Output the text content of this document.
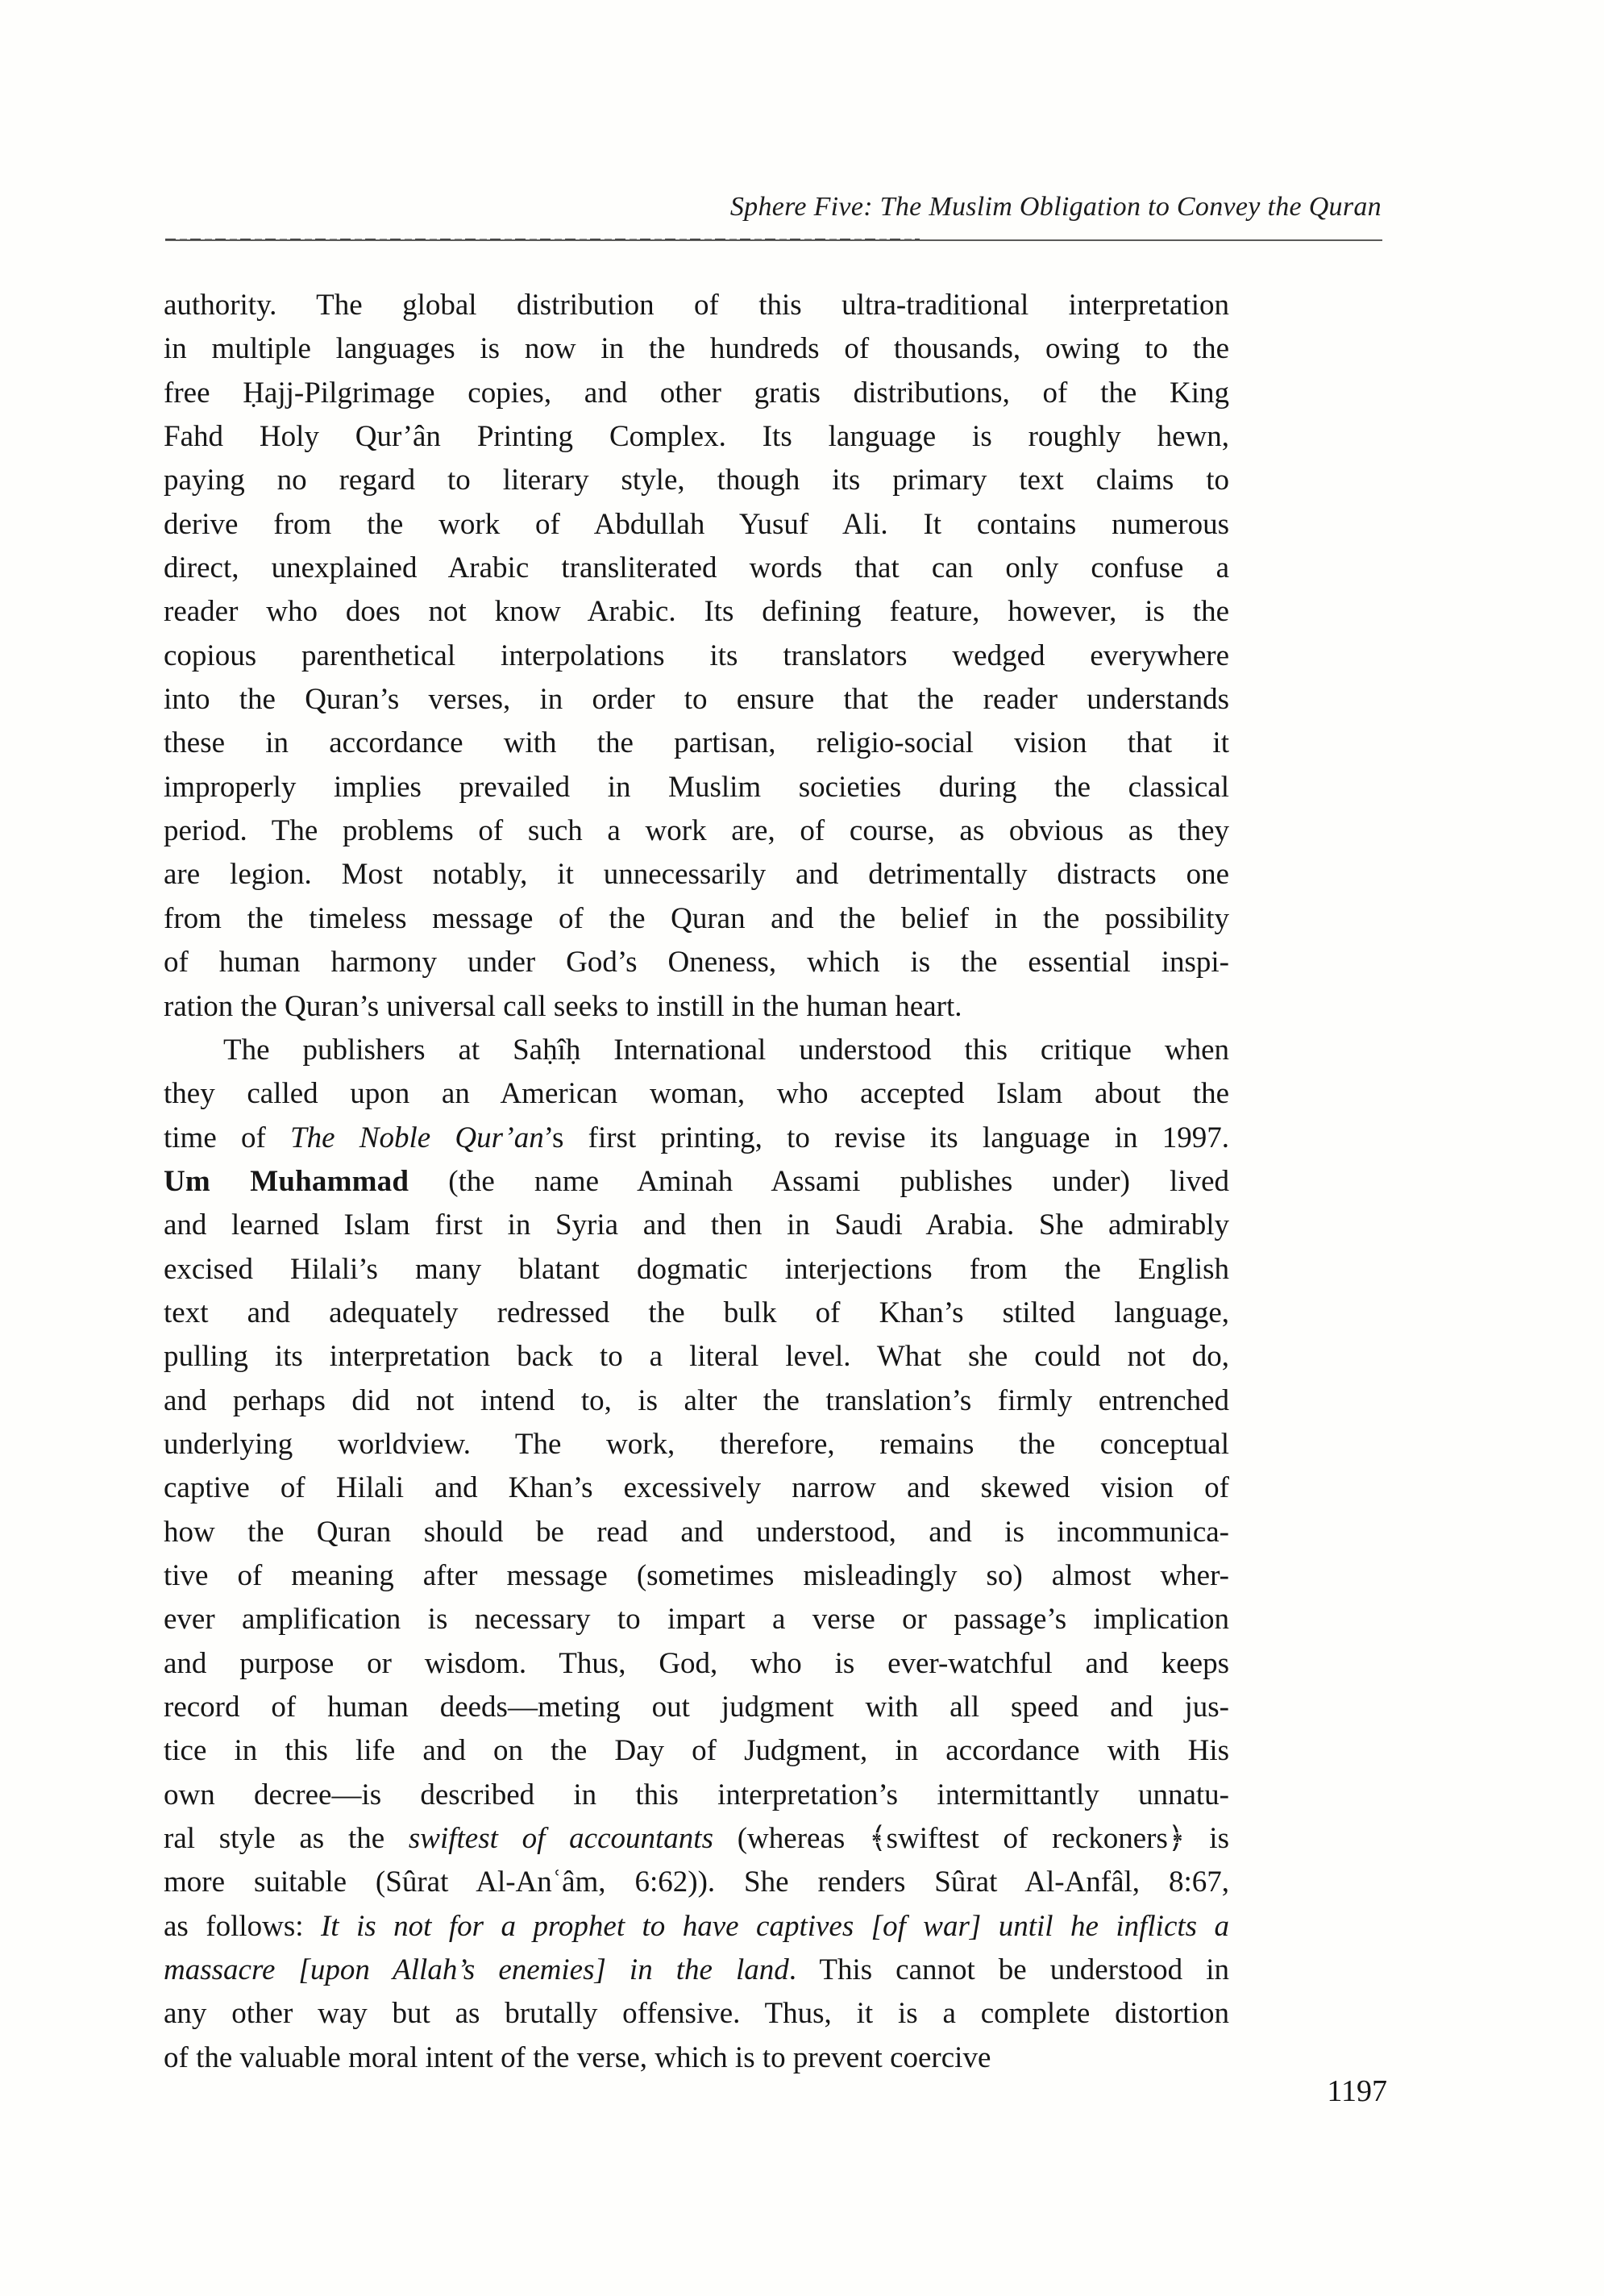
Sphere Five: The Muslim Obligation to Convey the Quran
authority. The global distribution of this ultra-traditional interpretation
in multiple languages is now in the hundreds of thousands, owing to the
free Ḥajj-Pilgrimage copies, and other gratis distributions, of the King
Fahd Holy Qur’ân Printing Complex. Its language is roughly hewn,
paying no regard to literary style, though its primary text claims to
derive from the work of Abdullah Yusuf Ali. It contains numerous
direct, unexplained Arabic transliterated words that can only confuse a
reader who does not know Arabic. Its defining feature, however, is the
copious parenthetical interpolations its translators wedged everywhere
into the Quran’s verses, in order to ensure that the reader understands
these in accordance with the partisan, religio-social vision that it
improperly implies prevailed in Muslim societies during the classical
period. The problems of such a work are, of course, as obvious as they
are legion. Most notably, it unnecessarily and detrimentally distracts one
from the timeless message of the Quran and the belief in the possibility
of human harmony under God’s Oneness, which is the essential inspi-
ration the Quran’s universal call seeks to instill in the human heart.
The publishers at Saḥîḥ International understood this critique when
they called upon an American woman, who accepted Islam about the
time of The Noble Qur’an’s first printing, to revise its language in 1997.
Um Muhammad (the name Aminah Assami publishes under) lived
and learned Islam first in Syria and then in Saudi Arabia. She admirably
excised Hilali’s many blatant dogmatic interjections from the English
text and adequately redressed the bulk of Khan’s stilted language,
pulling its interpretation back to a literal level. What she could not do,
and perhaps did not intend to, is alter the translation’s firmly entrenched
underlying worldview. The work, therefore, remains the conceptual
captive of Hilali and Khan’s excessively narrow and skewed vision of
how the Quran should be read and understood, and is incommunica-
tive of meaning after message (sometimes misleadingly so) almost wher-
ever amplification is necessary to impart a verse or passage’s implication
and purpose or wisdom. Thus, God, who is ever-watchful and keeps
record of human deeds—meting out judgment with all speed and jus-
tice in this life and on the Day of Judgment, in accordance with His
own decree—is described in this interpretation’s intermittantly unnatu-
ral style as the swiftest of accountants (whereas ﴾swiftest of reckoners﴿ is
more suitable (Sûrat Al-Anʿâm, 6:62)). She renders Sûrat Al-Anfâl, 8:67,
as follows: It is not for a prophet to have captives [of war] until he inflicts a
massacre [upon Allah’s enemies] in the land. This cannot be understood in
any other way but as brutally offensive. Thus, it is a complete distortion
of the valuable moral intent of the verse, which is to prevent coercive
1197
